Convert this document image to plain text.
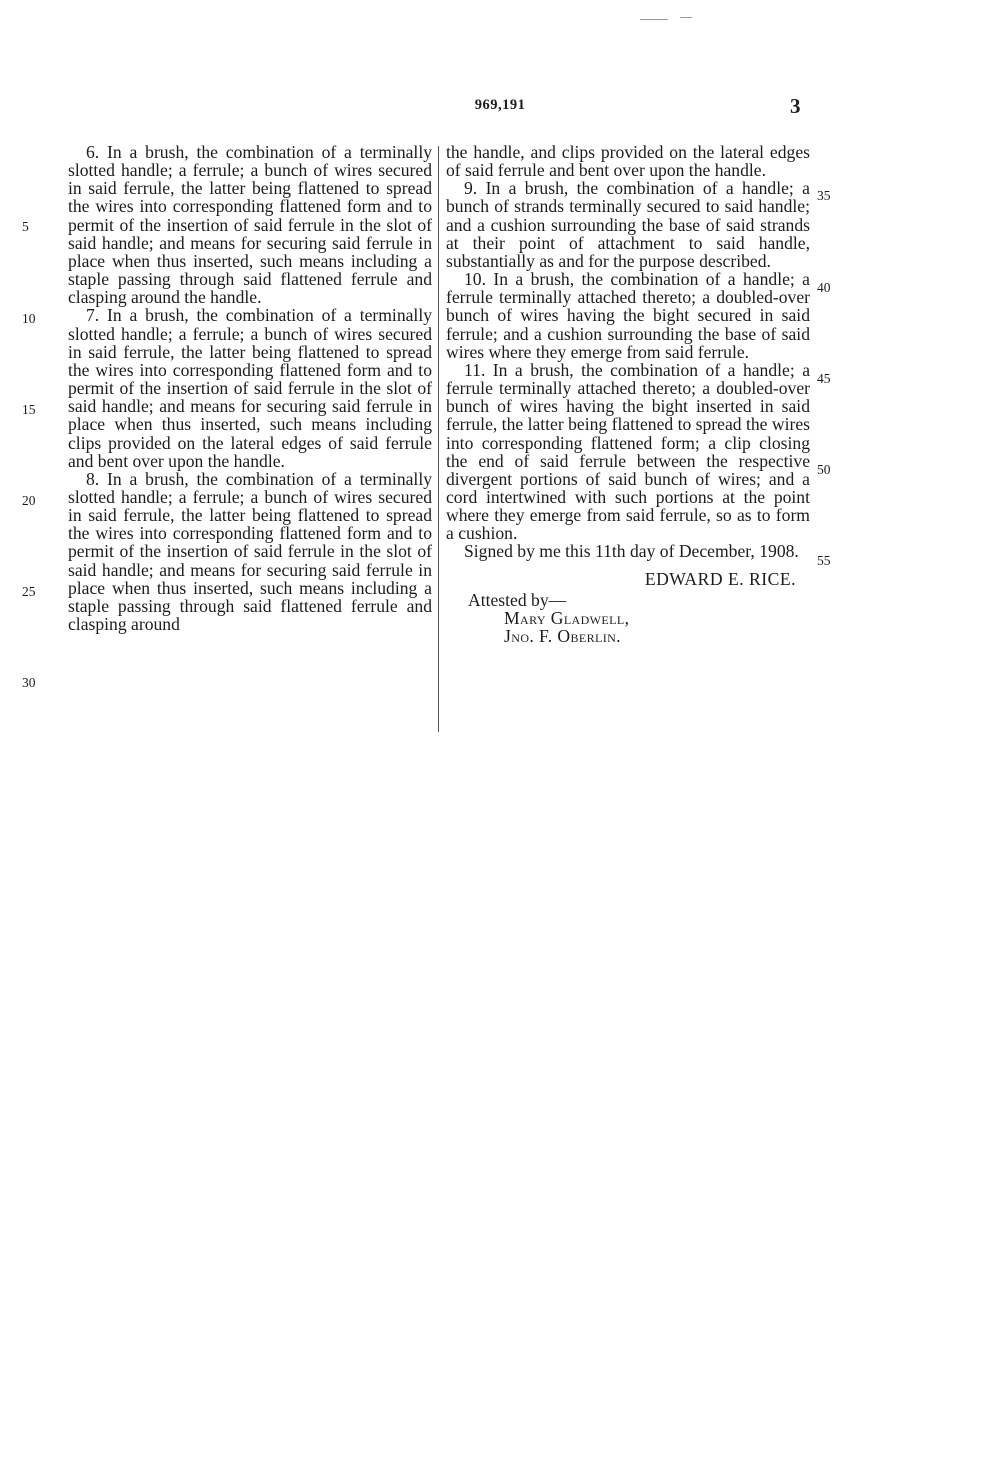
969,191	3

6. In a brush, the combination of a terminally slotted handle; a ferrule; a bunch of wires secured in said ferrule, the latter being flattened to spread the wires into corresponding flattened form and to permit of the insertion of said ferrule in the slot of said handle; and means for securing said ferrule in place when thus inserted, such means including a staple passing through said flattened ferrule and clasping around the handle.

7. In a brush, the combination of a terminally slotted handle; a ferrule; a bunch of wires secured in said ferrule, the latter being flattened to spread the wires into corresponding flattened form and to permit of the insertion of said ferrule in the slot of said handle; and means for securing said ferrule in place when thus inserted, such means including clips provided on the lateral edges of said ferrule and bent over upon the handle.

8. In a brush, the combination of a terminally slotted handle; a ferrule; a bunch of wires secured in said ferrule, the latter being flattened to spread the wires into corresponding flattened form and to permit of the insertion of said ferrule in the slot of said handle; and means for securing said ferrule in place when thus inserted, such means including a staple passing through said flattened ferrule and clasping around

the handle, and clips provided on the lateral edges of said ferrule and bent over upon the handle.

9. In a brush, the combination of a handle; a bunch of strands terminally secured to said handle; and a cushion surrounding the base of said strands at their point of attachment to said handle, substantially as and for the purpose described.

10. In a brush, the combination of a handle; a ferrule terminally attached thereto; a doubled-over bunch of wires having the bight secured in said ferrule; and a cushion surrounding the base of said wires where they emerge from said ferrule.

11. In a brush, the combination of a handle; a ferrule terminally attached thereto; a doubled-over bunch of wires having the bight inserted in said ferrule, the latter being flattened to spread the wires into corresponding flattened form; a clip closing the end of said ferrule between the respective divergent portions of said bunch of wires; and a cord intertwined with such portions at the point where they emerge from said ferrule, so as to form a cushion.

Signed by me this 11th day of December, 1908.

EDWARD E. RICE.

Attested by—

Mary Gladwell,

Jno. F. Oberlin.

5
10
15
20
25
30
35
40
45
50
55
